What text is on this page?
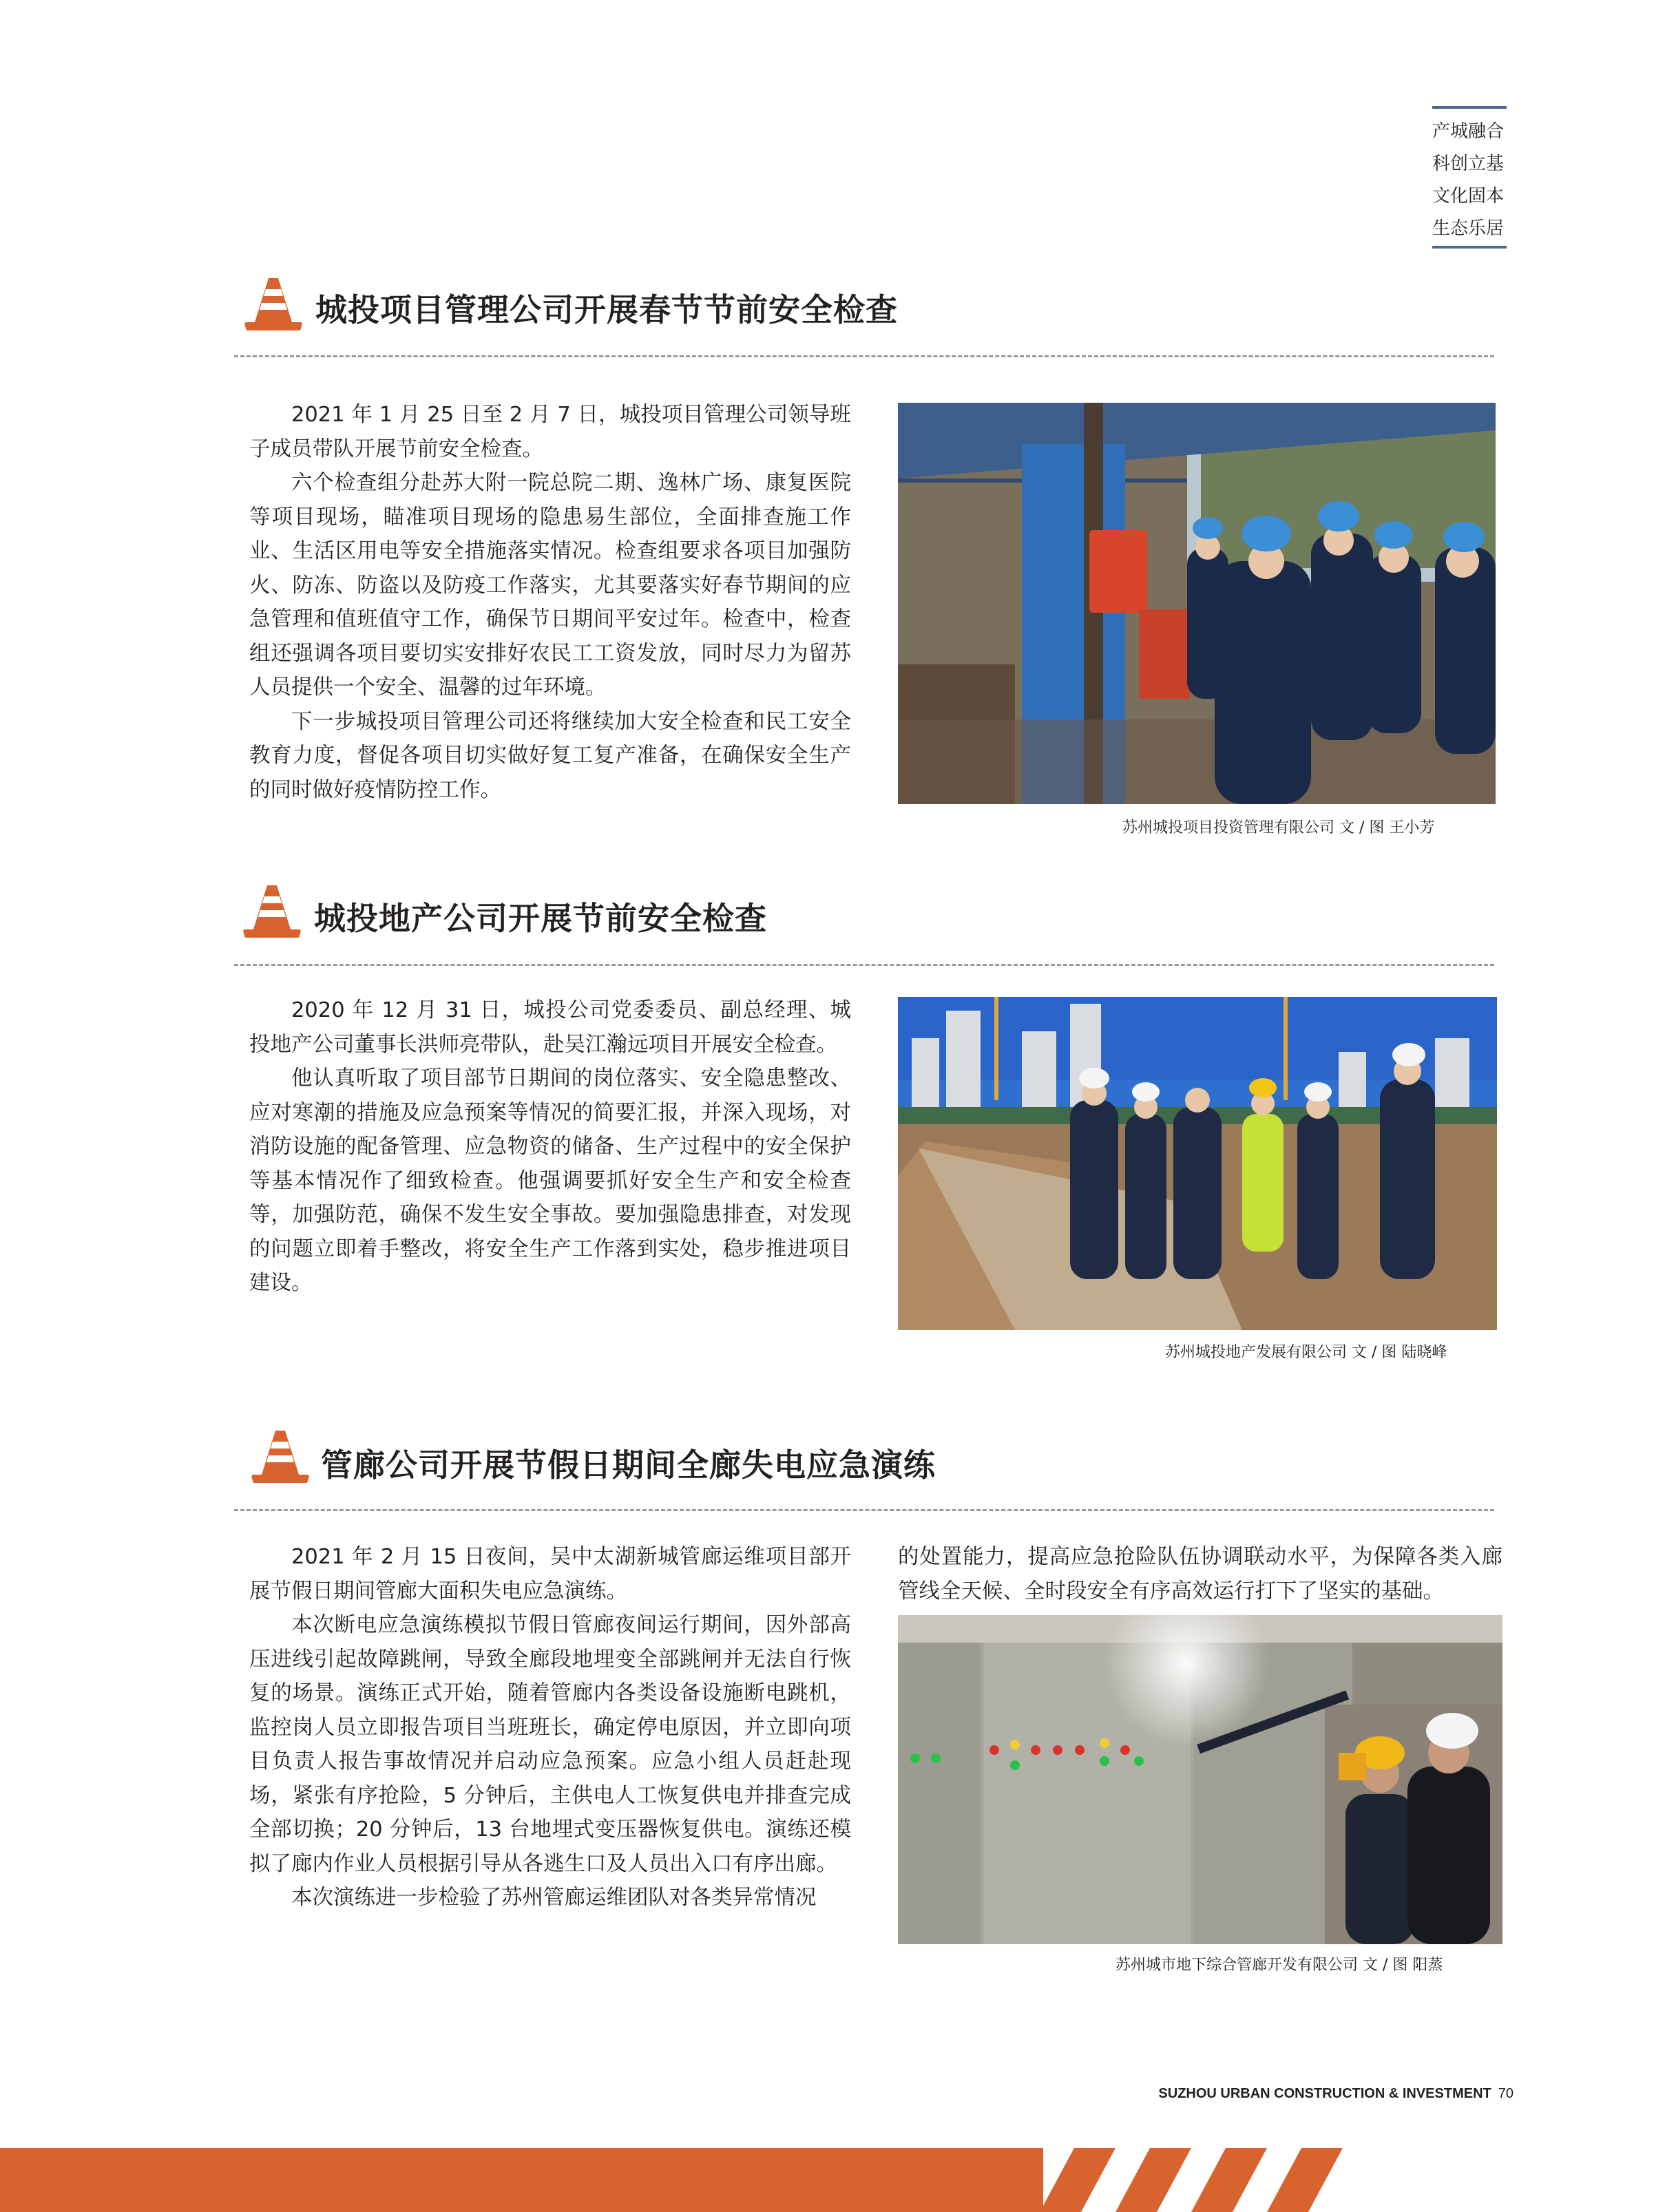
产城融合
科创立基
文化固本
生态乐居
城投项目管理公司开展春节节前安全检查

2021 年 1 月 25 日至 2 月 7 日，城投项目管理公司领导班子成员带队开展节前安全检查。

六个检查组分赴苏大附一院总院二期、逸林广场、康复医院等项目现场，瞄准项目现场的隐患易生部位，全面排查施工作业、生活区用电等安全措施落实情况。检查组要求各项目加强防火、防冻、防盗以及防疫工作落实，尤其要落实好春节期间的应急管理和值班值守工作，确保节日期间平安过年。检查中，检查组还强调各项目要切实安排好农民工工资发放，同时尽力为留苏人员提供一个安全、温馨的过年环境。

下一步城投项目管理公司还将继续加大安全检查和民工安全教育力度，督促各项目切实做好复工复产准备，在确保安全生产的同时做好疫情防控工作。

苏州城投项目投资管理有限公司 文 / 图 王小芳
城投地产公司开展节前安全检查

2020 年 12 月 31 日，城投公司党委委员、副总经理、城投地产公司董事长洪师亮带队，赴吴江瀚远项目开展安全检查。

他认真听取了项目部节日期间的岗位落实、安全隐患整改、应对寒潮的措施及应急预案等情况的简要汇报，并深入现场，对消防设施的配备管理、应急物资的储备、生产过程中的安全保护等基本情况作了细致检查。他强调要抓好安全生产和安全检查等，加强防范，确保不发生安全事故。要加强隐患排查，对发现的问题立即着手整改，将安全生产工作落到实处，稳步推进项目建设。

苏州城投地产发展有限公司 文 / 图 陆晓峰
管廊公司开展节假日期间全廊失电应急演练

2021 年 2 月 15 日夜间，吴中太湖新城管廊运维项目部开展节假日期间管廊大面积失电应急演练。

本次断电应急演练模拟节假日管廊夜间运行期间，因外部高压进线引起故障跳闸，导致全廊段地埋变全部跳闸并无法自行恢复的场景。演练正式开始，随着管廊内各类设备设施断电跳机，监控岗人员立即报告项目当班班长，确定停电原因，并立即向项目负责人报告事故情况并启动应急预案。应急小组人员赶赴现场，紧张有序抢险，5 分钟后，主供电人工恢复供电并排查完成全部切换；20 分钟后，13 台地埋式变压器恢复供电。演练还模拟了廊内作业人员根据引导从各逃生口及人员出入口有序出廊。

本次演练进一步检验了苏州管廊运维团队对各类异常情况

的处置能力，提高应急抢险队伍协调联动水平，为保障各类入廊管线全天候、全时段安全有序高效运行打下了坚实的基础。

苏州城市地下综合管廊开发有限公司 文 / 图 阳蒸
SUZHOU URBAN CONSTRUCTION & INVESTMENT 70
